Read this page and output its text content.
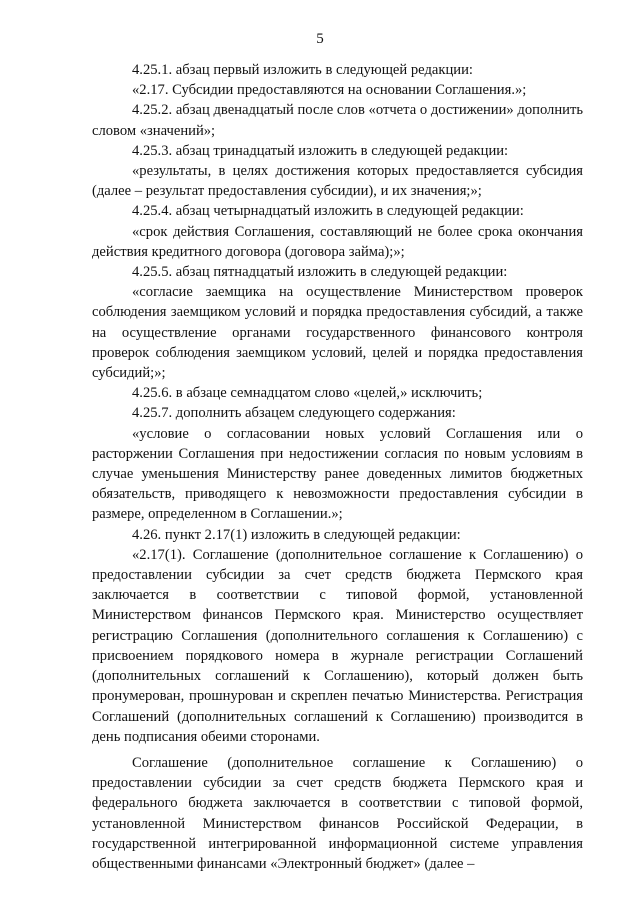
5

4.25.1. абзац первый изложить в следующей редакции:

«2.17. Субсидии предоставляются на основании Соглашения.»;

4.25.2. абзац двенадцатый после слов «отчета о достижении» дополнить словом «значений»;

4.25.3. абзац тринадцатый изложить в следующей редакции:

«результаты, в целях достижения которых предоставляется субсидия (далее – результат предоставления субсидии), и их значения;»;

4.25.4. абзац четырнадцатый изложить в следующей редакции:

«срок действия Соглашения, составляющий не более срока окончания действия кредитного договора (договора займа);»;

4.25.5. абзац пятнадцатый изложить в следующей редакции:

«согласие заемщика на осуществление Министерством проверок соблюдения заемщиком условий и порядка предоставления субсидий, а также на осуществление органами государственного финансового контроля проверок соблюдения заемщиком условий, целей и порядка предоставления субсидий;»;

4.25.6. в абзаце семнадцатом слово «целей,» исключить;

4.25.7. дополнить абзацем следующего содержания:

«условие о согласовании новых условий Соглашения или о расторжении Соглашения при недостижении согласия по новым условиям в случае уменьшения Министерству ранее доведенных лимитов бюджетных обязательств, приводящего к невозможности предоставления субсидии в размере, определенном в Соглашении.»;

4.26. пункт 2.17(1) изложить в следующей редакции:

«2.17(1). Соглашение (дополнительное соглашение к Соглашению) о предоставлении субсидии за счет средств бюджета Пермского края заключается в соответствии с типовой формой, установленной Министерством финансов Пермского края. Министерство осуществляет регистрацию Соглашения (дополнительного соглашения к Соглашению) с присвоением порядкового номера в журнале регистрации Соглашений (дополнительных соглашений к Соглашению), который должен быть пронумерован, прошнурован и скреплен печатью Министерства. Регистрация Соглашений (дополнительных соглашений к Соглашению) производится в день подписания обеими сторонами.

Соглашение (дополнительное соглашение к Соглашению) о предоставлении субсидии за счет средств бюджета Пермского края и федерального бюджета заключается в соответствии с типовой формой, установленной Министерством финансов Российской Федерации, в государственной интегрированной информационной системе управления общественными финансами «Электронный бюджет» (далее –
